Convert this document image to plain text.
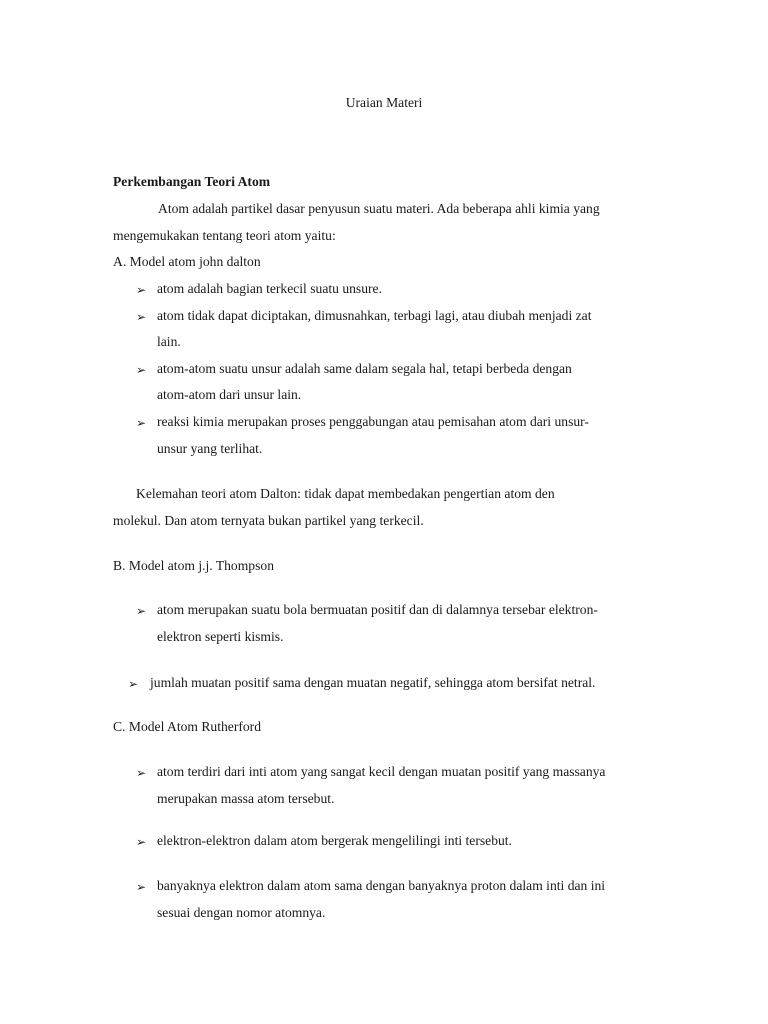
Uraian Materi
Perkembangan Teori Atom
Atom adalah partikel dasar penyusun suatu materi. Ada beberapa ahli kimia yang
mengemukakan tentang teori atom yaitu:
A. Model atom john dalton
➢ atom adalah bagian terkecil suatu unsure.
➢ atom tidak dapat diciptakan, dimusnahkan, terbagi lagi, atau diubah menjadi zat
lain.
➢ atom-atom suatu unsur adalah same dalam segala hal, tetapi berbeda dengan
atom-atom dari unsur lain.
➢ reaksi kimia merupakan proses penggabungan atau pemisahan atom dari unsur-
unsur yang terlihat.
Kelemahan teori atom Dalton: tidak dapat membedakan pengertian atom den
molekul. Dan atom ternyata bukan partikel yang terkecil.
B. Model atom j.j. Thompson
➢ atom merupakan suatu bola bermuatan positif dan di dalamnya tersebar elektron-
elektron seperti kismis.
➢ jumlah muatan positif sama dengan muatan negatif, sehingga atom bersifat netral.
C. Model Atom Rutherford
➢ atom terdiri dari inti atom yang sangat kecil dengan muatan positif yang massanya
merupakan massa atom tersebut.
➢ elektron-elektron dalam atom bergerak mengelilingi inti tersebut.
➢ banyaknya elektron dalam atom sama dengan banyaknya proton dalam inti dan ini
sesuai dengan nomor atomnya.
